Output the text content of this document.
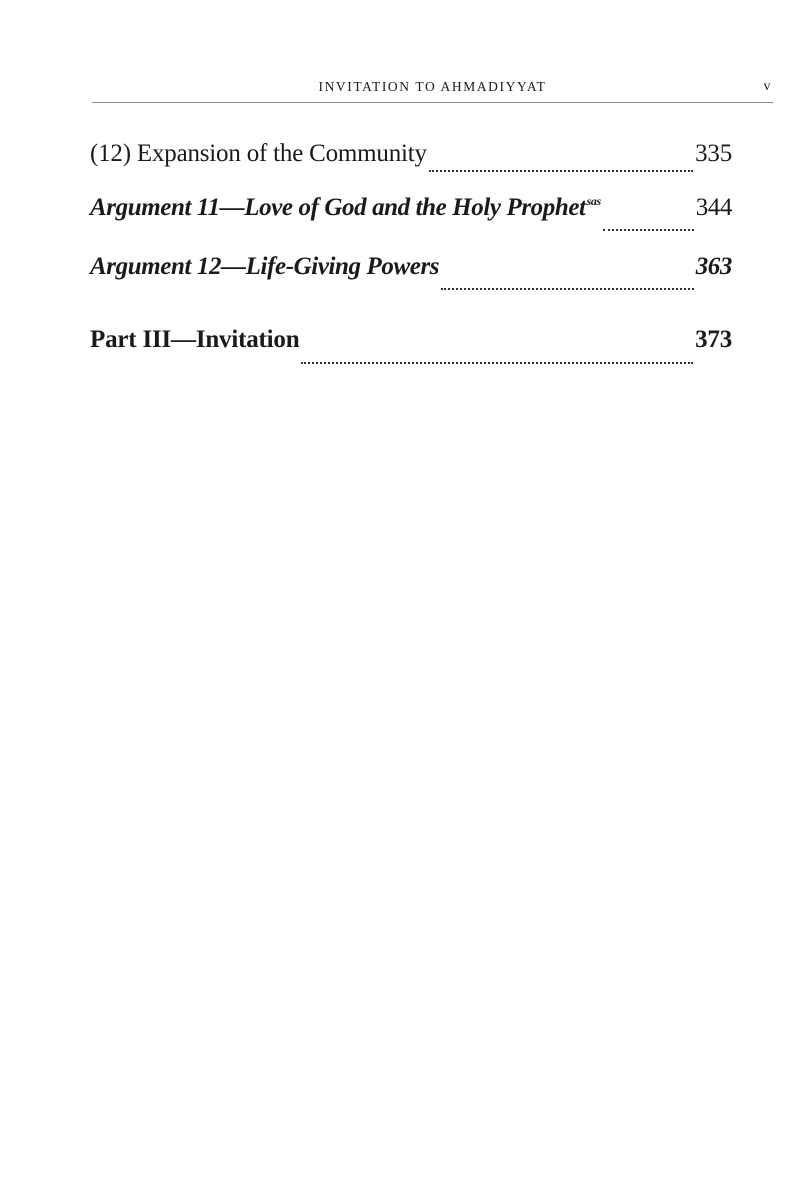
INVITATION TO AHMADIYYAT	v
(12) Expansion of the Community	335
Argument 11—Love of God and the Holy Prophet$^{sas}$	344
Argument 12—Life-Giving Powers	363
Part III—Invitation	373
